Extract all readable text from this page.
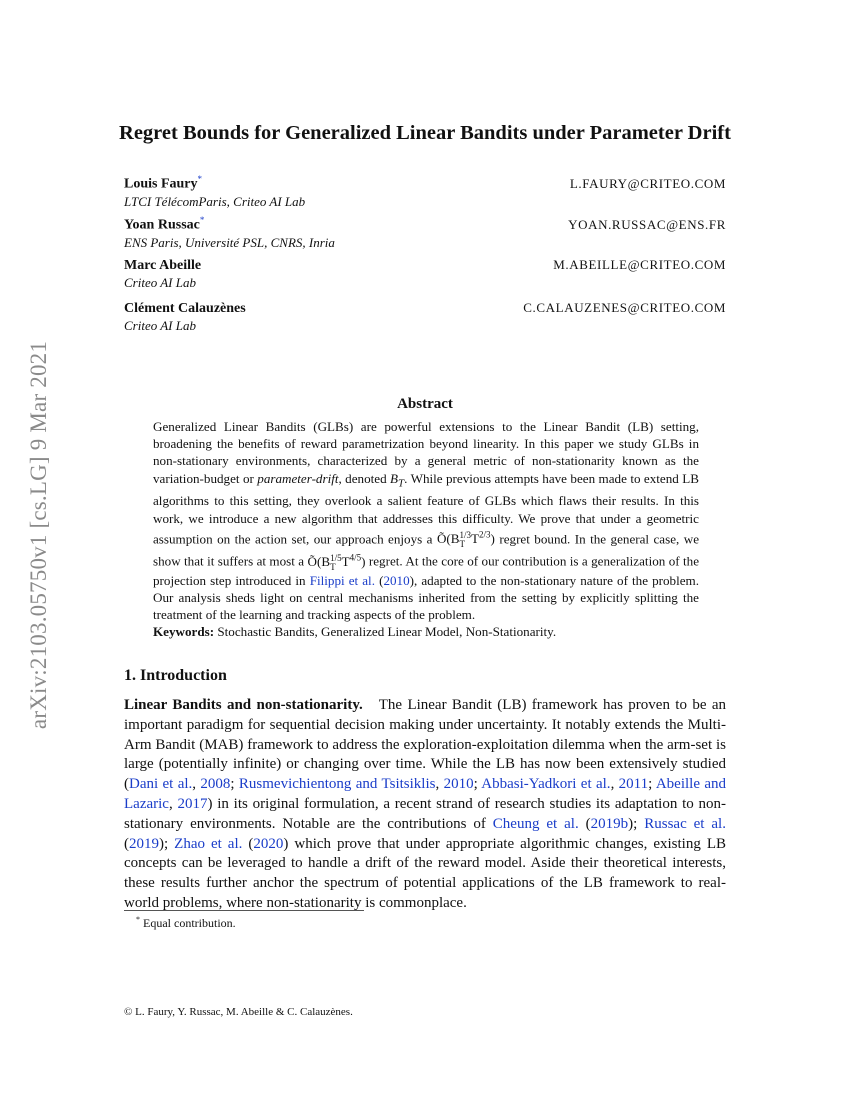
arXiv:2103.05750v1 [cs.LG] 9 Mar 2021
Regret Bounds for Generalized Linear Bandits under Parameter Drift
Louis Faury*	L.FAURY@CRITEO.COM
LTCI TélécomParis, Criteo AI Lab
Yoan Russac*	YOAN.RUSSAC@ENS.FR
ENS Paris, Université PSL, CNRS, Inria
Marc Abeille	M.ABEILLE@CRITEO.COM
Criteo AI Lab
Clément Calauzènes	C.CALAUZENES@CRITEO.COM
Criteo AI Lab
Abstract

Generalized Linear Bandits (GLBs) are powerful extensions to the Linear Bandit (LB) setting, broadening the benefits of reward parametrization beyond linearity. In this paper we study GLBs in non-stationary environments, characterized by a general metric of non-stationarity known as the variation-budget or parameter-drift, denoted $B_T$. While previous attempts have been made to extend LB algorithms to this setting, they overlook a salient feature of GLBs which flaws their results. In this work, we introduce a new algorithm that addresses this difficulty. We prove that under a geometric assumption on the action set, our approach enjoys a Õ(B 1/3
T $T^{2/3}$) regret bound. In the general case, we show that it suffers at most a Õ(B 1/5
T $T^{4/5}$) regret. At the core of our contribution is a generalization of the projection step introduced in Filippi et al. (2010), adapted to the non-stationary nature of the problem. Our analysis sheds light on central mechanisms inherited from the setting by explicitly splitting the treatment of the learning and tracking aspects of the problem.

Keywords: Stochastic Bandits, Generalized Linear Model, Non-Stationarity.

1. Introduction

Linear Bandits and non-stationarity. The Linear Bandit (LB) framework has proven to be an important paradigm for sequential decision making under uncertainty. It notably extends the Multi-Arm Bandit (MAB) framework to address the exploration-exploitation dilemma when the arm-set is large (potentially infinite) or changing over time. While the LB has now been extensively studied (Dani et al., 2008; Rusmevichientong and Tsitsiklis, 2010; Abbasi-Yadkori et al., 2011; Abeille and Lazaric, 2017) in its original formulation, a recent strand of research studies its adaptation to non-stationary environments. Notable are the contributions of Cheung et al. (2019b); Russac et al. (2019); Zhao et al. (2020) which prove that under appropriate algorithmic changes, existing LB concepts can be leveraged to handle a drift of the reward model. Aside their theoretical interests, these results further anchor the spectrum of potential applications of the LB framework to real-world problems, where non-stationarity is commonplace.

* Equal contribution.
© L. Faury, Y. Russac, M. Abeille & C. Calauzènes.
